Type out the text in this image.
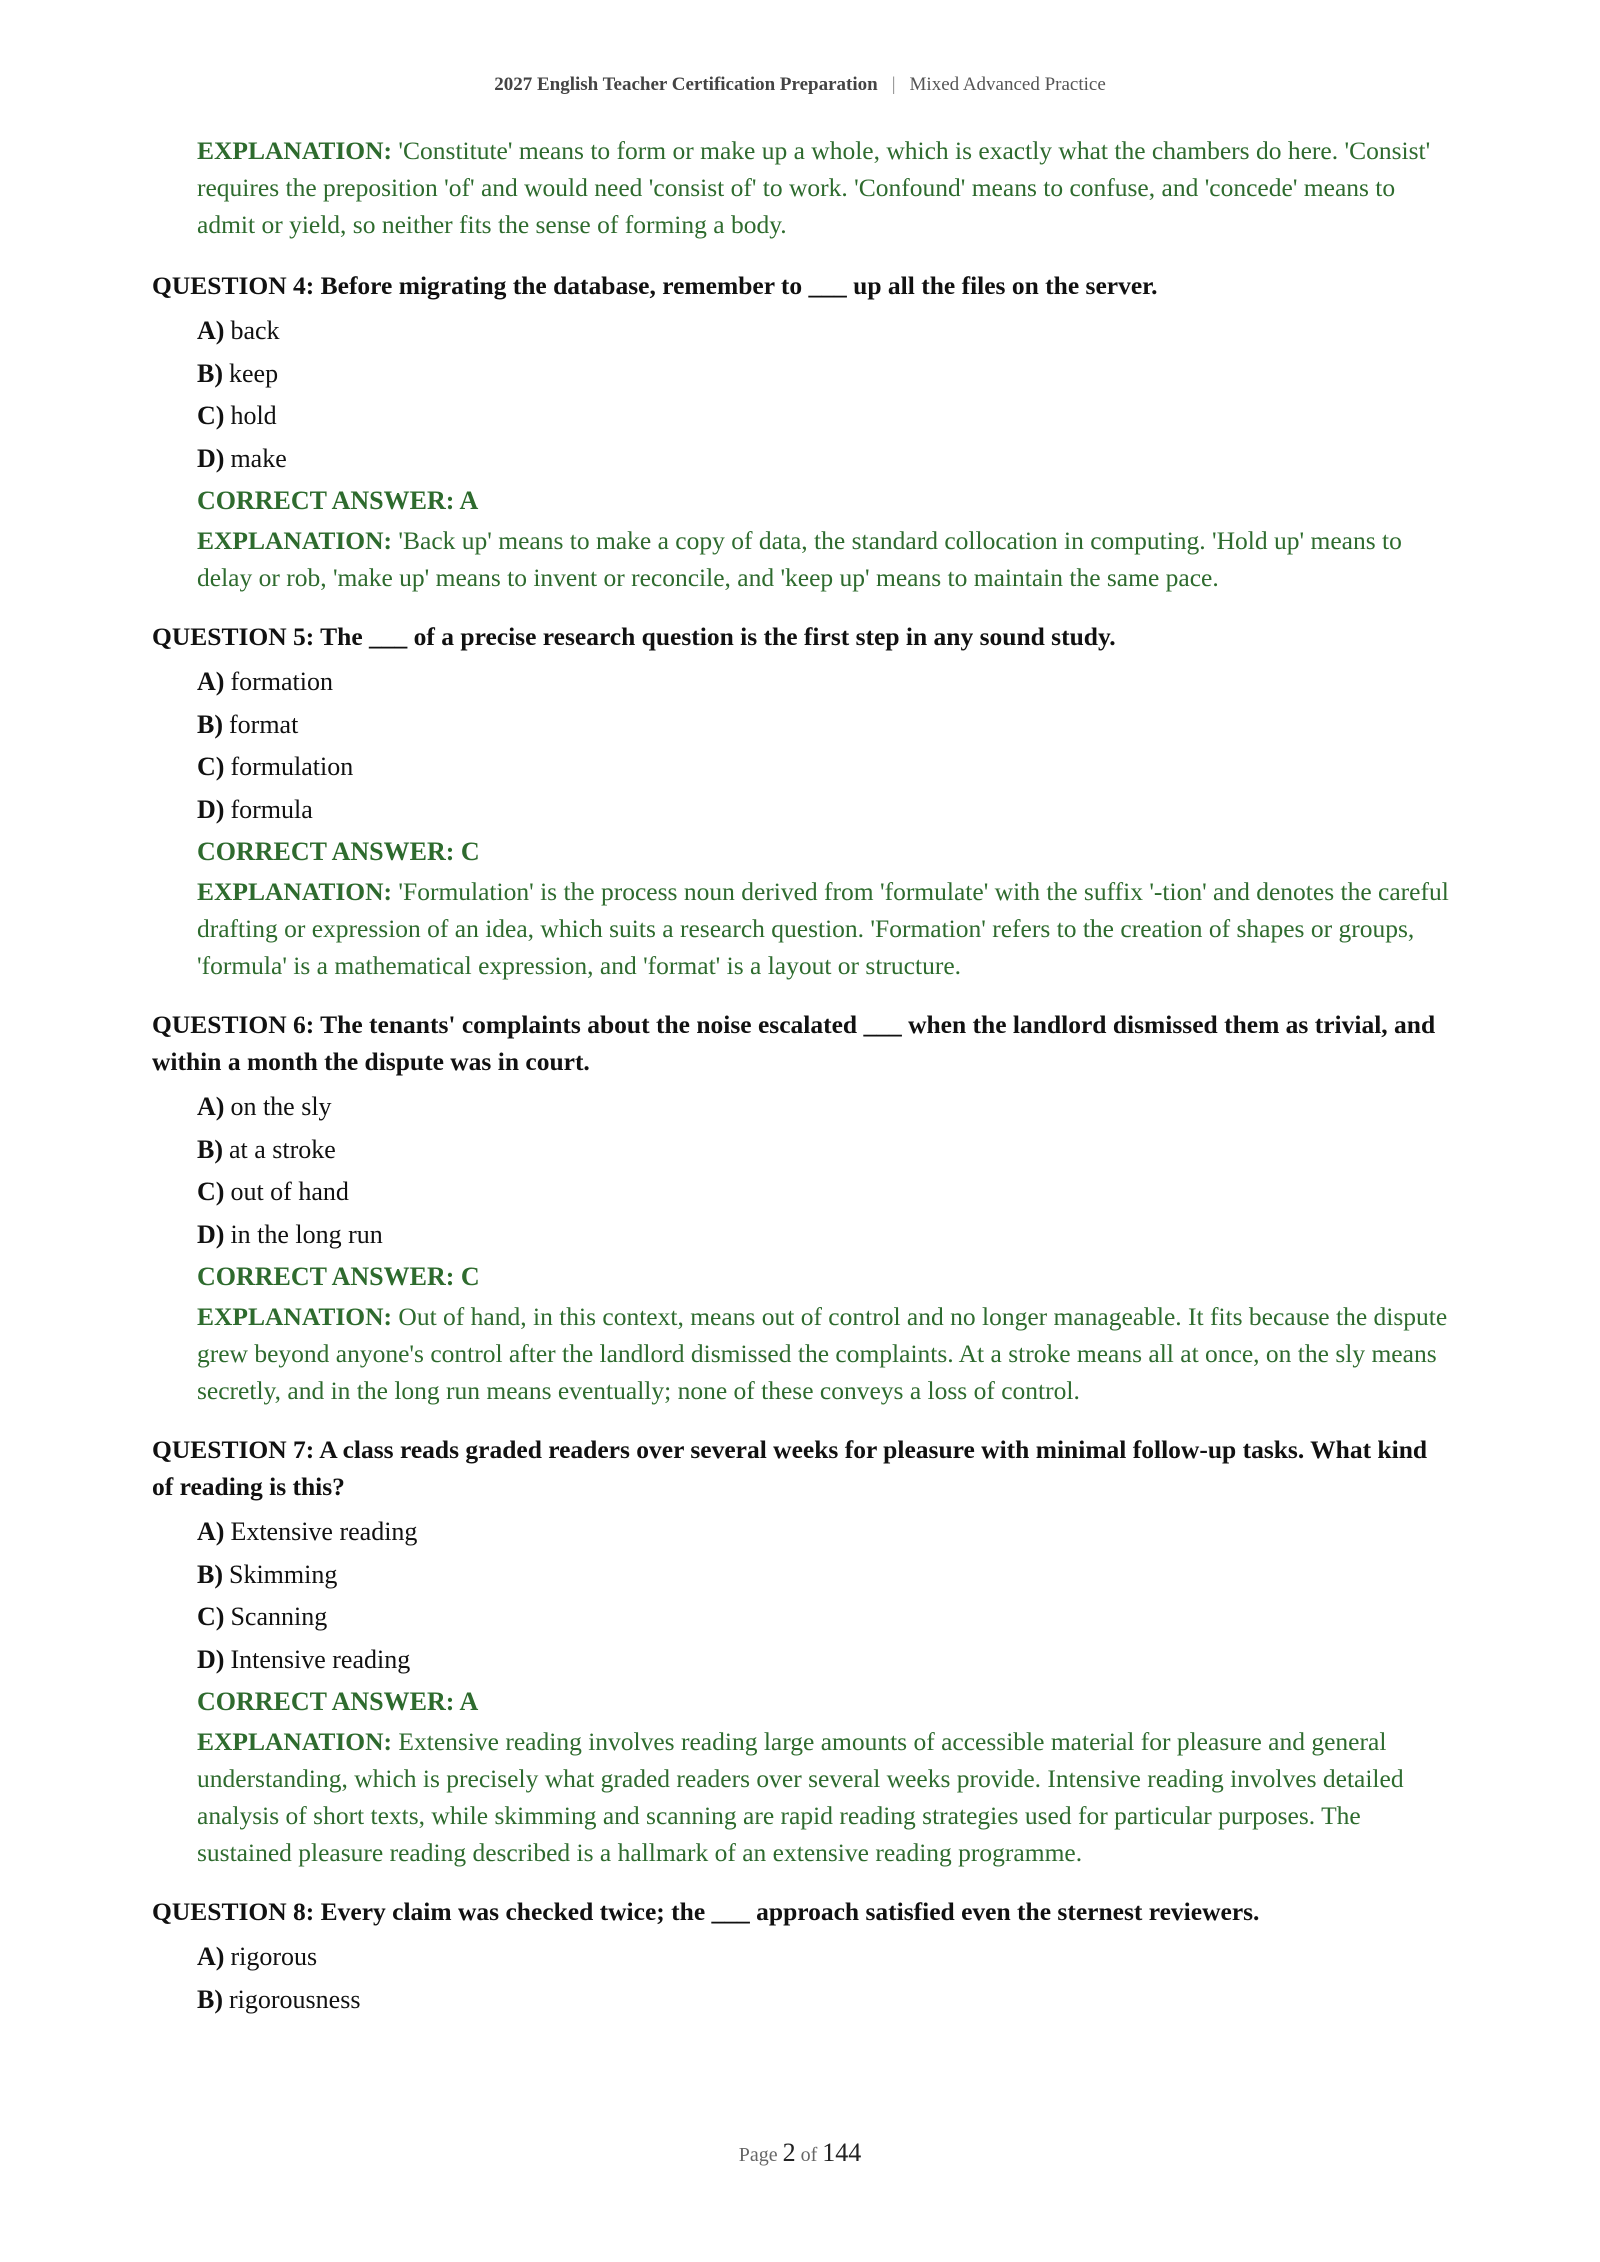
2027 English Teacher Certification Preparation | Mixed Advanced Practice

EXPLANATION: 'Constitute' means to form or make up a whole, which is exactly what the chambers do here. 'Consist' requires the preposition 'of' and would need 'consist of' to work. 'Confound' means to confuse, and 'concede' means to admit or yield, so neither fits the sense of forming a body.

QUESTION 4: Before migrating the database, remember to ___ up all the files on the server.

A) back
B) keep
C) hold
D) make

CORRECT ANSWER: A

EXPLANATION: 'Back up' means to make a copy of data, the standard collocation in computing. 'Hold up' means to delay or rob, 'make up' means to invent or reconcile, and 'keep up' means to maintain the same pace.

QUESTION 5: The ___ of a precise research question is the first step in any sound study.

A) formation
B) format
C) formulation
D) formula

CORRECT ANSWER: C

EXPLANATION: 'Formulation' is the process noun derived from 'formulate' with the suffix '-tion' and denotes the careful drafting or expression of an idea, which suits a research question. 'Formation' refers to the creation of shapes or groups, 'formula' is a mathematical expression, and 'format' is a layout or structure.

QUESTION 6: The tenants' complaints about the noise escalated ___ when the landlord dismissed them as trivial, and within a month the dispute was in court.

A) on the sly
B) at a stroke
C) out of hand
D) in the long run

CORRECT ANSWER: C

EXPLANATION: Out of hand, in this context, means out of control and no longer manageable. It fits because the dispute grew beyond anyone's control after the landlord dismissed the complaints. At a stroke means all at once, on the sly means secretly, and in the long run means eventually; none of these conveys a loss of control.

QUESTION 7: A class reads graded readers over several weeks for pleasure with minimal follow-up tasks. What kind of reading is this?

A) Extensive reading
B) Skimming
C) Scanning
D) Intensive reading

CORRECT ANSWER: A

EXPLANATION: Extensive reading involves reading large amounts of accessible material for pleasure and general understanding, which is precisely what graded readers over several weeks provide. Intensive reading involves detailed analysis of short texts, while skimming and scanning are rapid reading strategies used for particular purposes. The sustained pleasure reading described is a hallmark of an extensive reading programme.

QUESTION 8: Every claim was checked twice; the ___ approach satisfied even the sternest reviewers.

A) rigorous
B) rigorousness
Page 2 of 144
